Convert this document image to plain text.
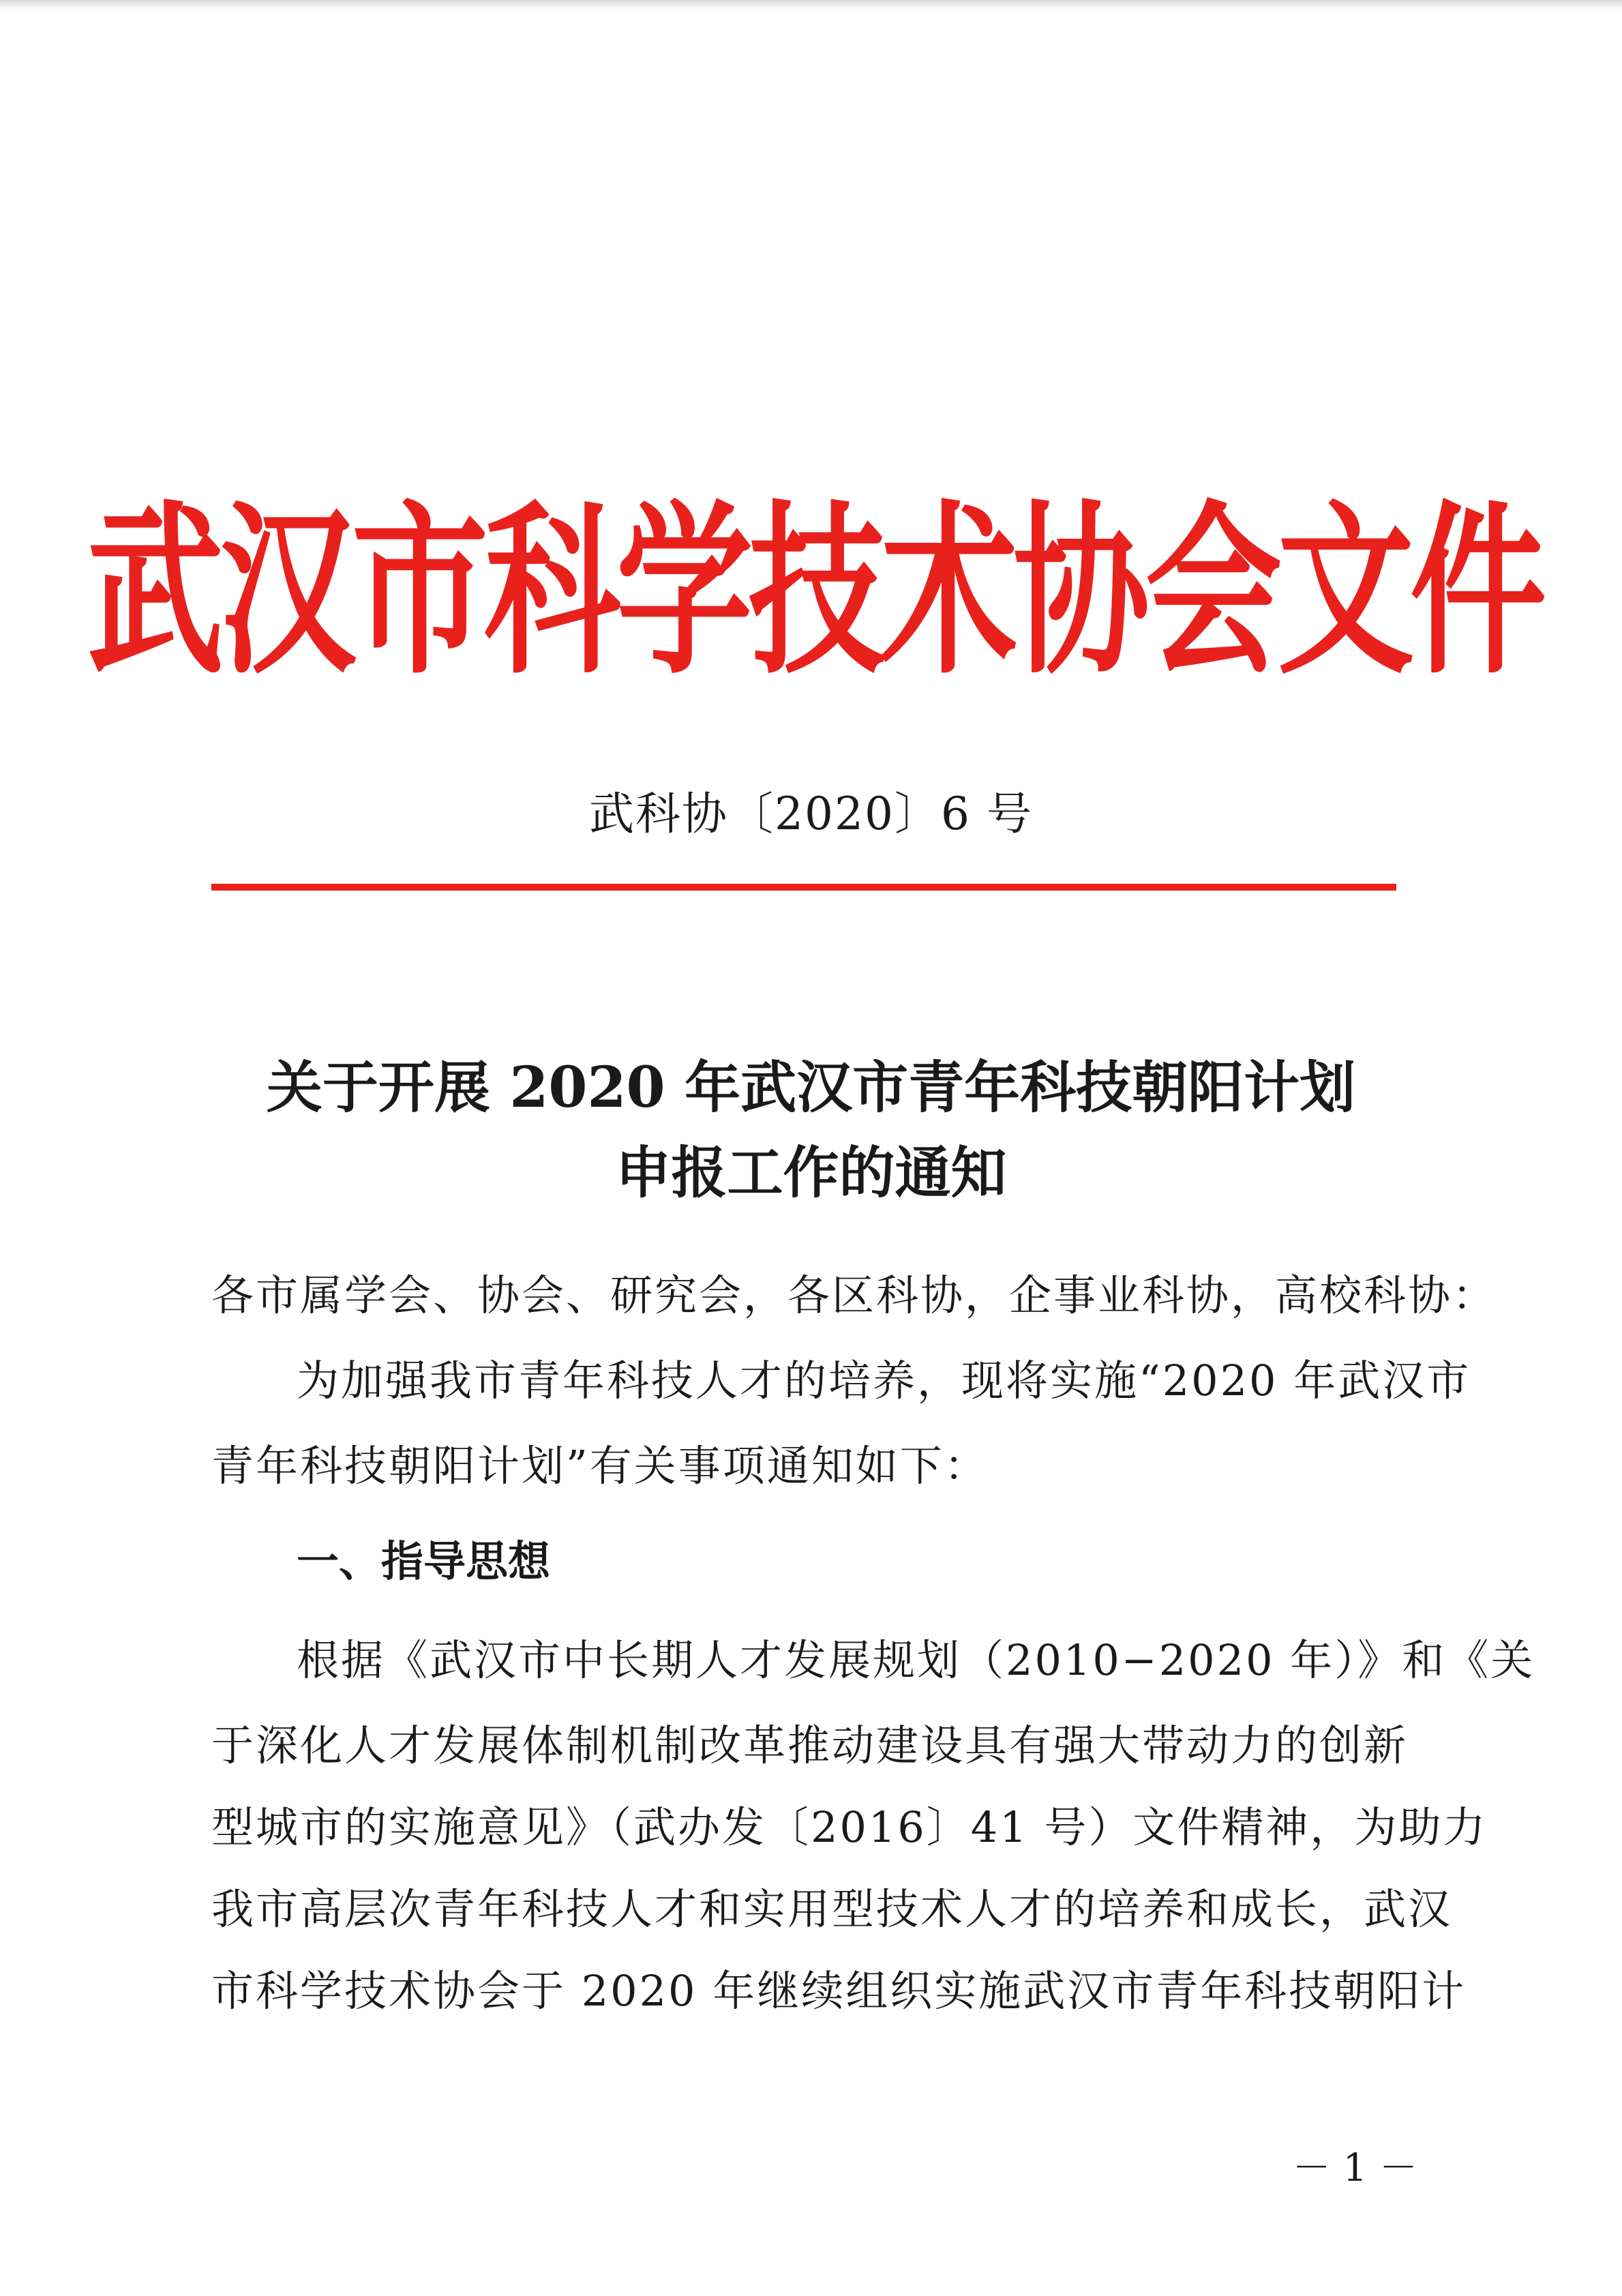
武汉市科学技术协会文件
武科协〔2020〕6 号
关于开展 2020 年武汉市青年科技朝阳计划
申报工作的通知
各市属学会、协会、研究会，各区科协，企事业科协，高校科协：
为加强我市青年科技人才的培养，现将实施“2020 年武汉市
青年科技朝阳计划”有关事项通知如下：
一、指导思想
根据《武汉市中长期人才发展规划（2010−2020 年）》和《关
于深化人才发展体制机制改革推动建设具有强大带动力的创新
型城市的实施意见》（武办发〔2016〕41 号）文件精神，为助力
我市高层次青年科技人才和实用型技术人才的培养和成长，武汉
市科学技术协会于 2020 年继续组织实施武汉市青年科技朝阳计
－ 1 －
